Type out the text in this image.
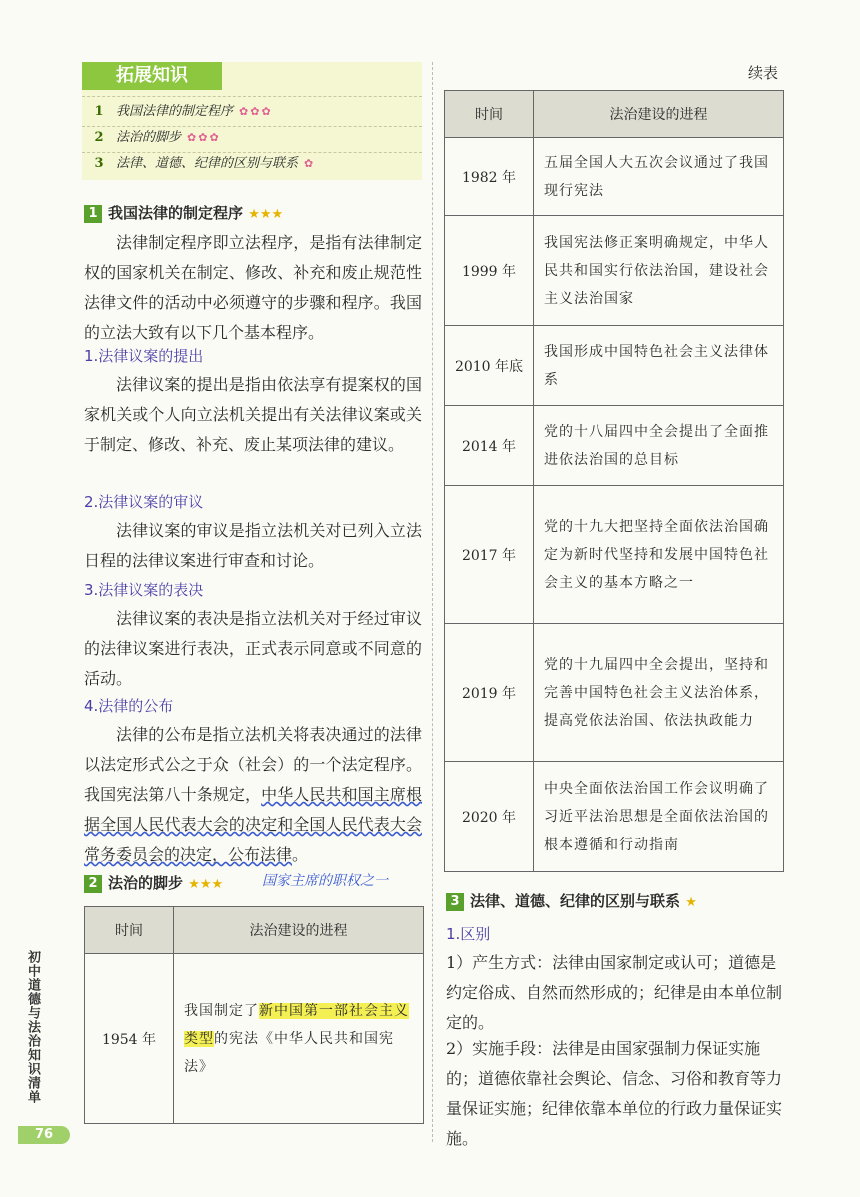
拓展知识
1 我国法律的制定程序 ✿✿✿
2 法治的脚步 ✿✿✿
3 法律、道德、纪律的区别与联系 ✿
1 我国法律的制定程序 ★★★
法律制定程序即立法程序，是指有法律制定权的国家机关在制定、修改、补充和废止规范性法律文件的活动中必须遵守的步骤和程序。我国的立法大致有以下几个基本程序。
1.法律议案的提出
法律议案的提出是指由依法享有提案权的国家机关或个人向立法机关提出有关法律议案或关于制定、修改、补充、废止某项法律的建议。
2.法律议案的审议
法律议案的审议是指立法机关对已列入立法日程的法律议案进行审查和讨论。
3.法律议案的表决
法律议案的表决是指立法机关对于经过审议的法律议案进行表决，正式表示同意或不同意的活动。
4.法律的公布
法律的公布是指立法机关将表决通过的法律以法定形式公之于众（社会）的一个法定程序。我国宪法第八十条规定，中华人民共和国主席根据全国人民代表大会的决定和全国人民代表大会常务委员会的决定，公布法律。
2 法治的脚步 ★★★	国家主席的职权之一
时间	法治建设的进程
1954 年	我国制定了新中国第一部社会主义类型的宪法《中华人民共和国宪法》
初中道德与法治知识清单
76
续表
时间	法治建设的进程
1982 年	五届全国人大五次会议通过了我国现行宪法
1999 年	我国宪法修正案明确规定，中华人民共和国实行依法治国，建设社会主义法治国家
2010 年底	我国形成中国特色社会主义法律体系
2014 年	党的十八届四中全会提出了全面推进依法治国的总目标
2017 年	党的十九大把坚持全面依法治国确定为新时代坚持和发展中国特色社会主义的基本方略之一
2019 年	党的十九届四中全会提出，坚持和完善中国特色社会主义法治体系，提高党依法治国、依法执政能力
2020 年	中央全面依法治国工作会议明确了习近平法治思想是全面依法治国的根本遵循和行动指南
3 法律、道德、纪律的区别与联系 ★
1.区别
1）产生方式：法律由国家制定或认可；道德是约定俗成、自然而然形成的；纪律是由本单位制定的。
2）实施手段：法律是由国家强制力保证实施的；道德依靠社会舆论、信念、习俗和教育等力量保证实施；纪律依靠本单位的行政力量保证实施。
